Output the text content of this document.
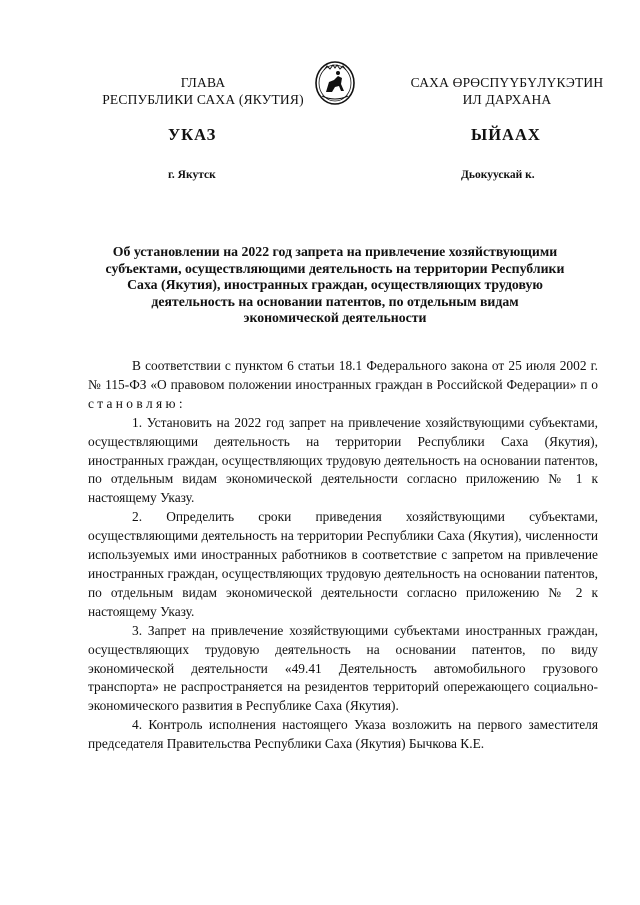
ГЛАВА
РЕСПУБЛИКИ САХА (ЯКУТИЯ)
САХА ӨРӨСПҮҮБҮЛҮКЭТИН
ИЛ ДАРХАНА
УКАЗ	ЫЙААХ
г. Якутск	Дьокуускай к.
Об установлении на 2022 год запрета на привлечение хозяйствующими
субъектами, осуществляющими деятельность на территории Республики
Саха (Якутия), иностранных граждан, осуществляющих трудовую
деятельность на основании патентов, по отдельным видам
экономической деятельности

В соответствии с пунктом 6 статьи 18.1 Федерального закона от 25 июля 2002 г. № 115-ФЗ «О правовом положении иностранных граждан в Российской Федерации» п о с т а н о в л я ю :

1. Установить на 2022 год запрет на привлечение хозяйствующими субъектами, осуществляющими деятельность на территории Республики Саха (Якутия), иностранных граждан, осуществляющих трудовую деятельность на основании патентов, по отдельным видам экономической деятельности согласно приложению № 1 к настоящему Указу.

2. Определить сроки приведения хозяйствующими субъектами, осуществляющими деятельность на территории Республики Саха (Якутия), численности используемых ими иностранных работников в соответствие с запретом на привлечение иностранных граждан, осуществляющих трудовую деятельность на основании патентов, по отдельным видам экономической деятельности согласно приложению № 2 к настоящему Указу.

3. Запрет на привлечение хозяйствующими субъектами иностранных граждан, осуществляющих трудовую деятельность на основании патентов, по виду экономической деятельности «49.41 Деятельность автомобильного грузового транспорта» не распространяется на резидентов территорий опережающего социально-экономического развития в Республике Саха (Якутия).

4. Контроль исполнения настоящего Указа возложить на первого заместителя председателя Правительства Республики Саха (Якутия) Бычкова К.Е.
